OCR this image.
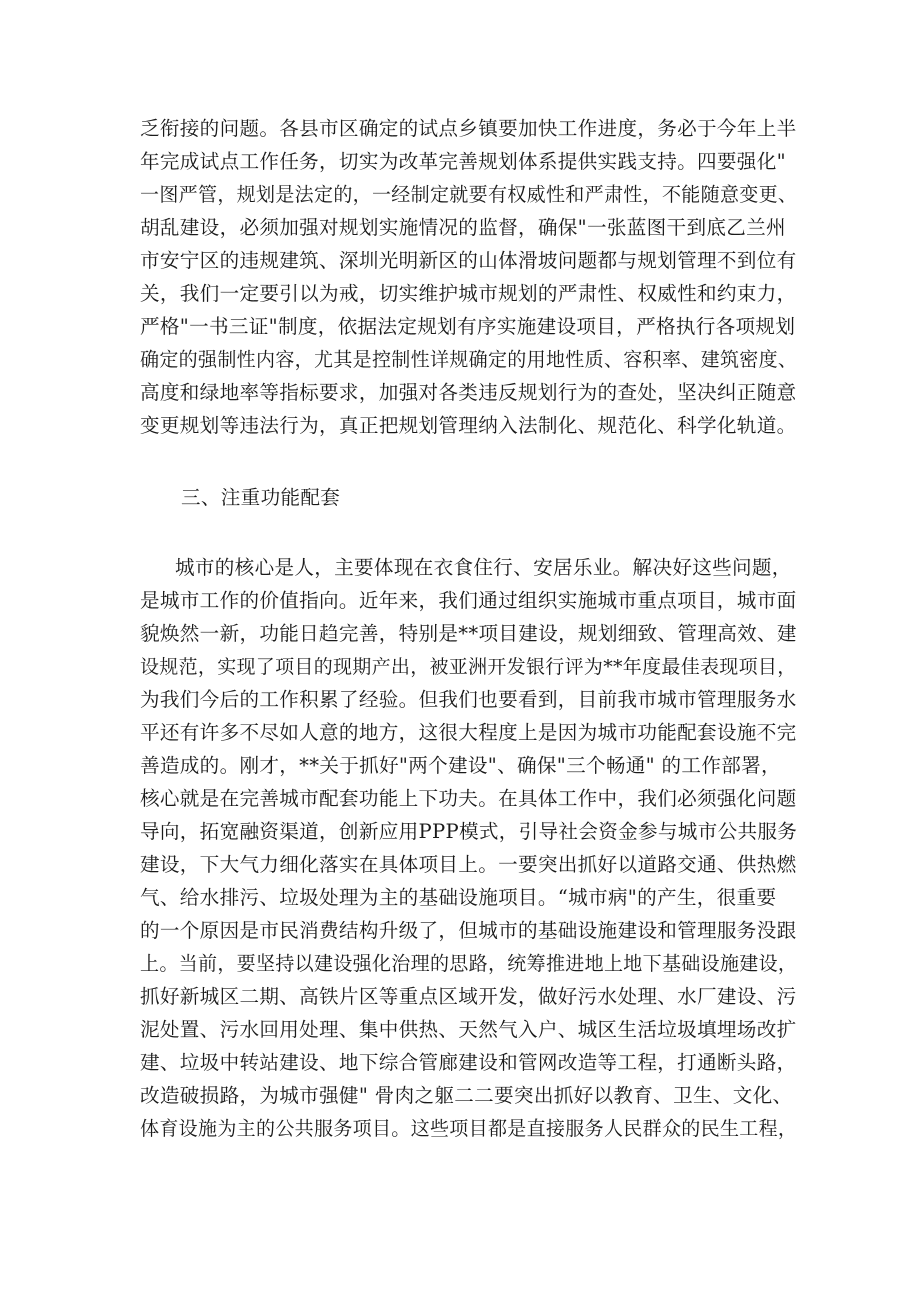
乏衔接的问题。各县市区确定的试点乡镇要加快工作进度，务必于今年上半
年完成试点工作任务，切实为改革完善规划体系提供实践支持。四要强化"
一图严管，规划是法定的，一经制定就要有权威性和严肃性，不能随意变更、
胡乱建设，必须加强对规划实施情况的监督，确保"一张蓝图干到底乙兰州
市安宁区的违规建筑、深圳光明新区的山体滑坡问题都与规划管理不到位有
关，我们一定要引以为戒，切实维护城市规划的严肃性、权威性和约束力，
严格"一书三证"制度，依据法定规划有序实施建设项目，严格执行各项规划
确定的强制性内容，尤其是控制性详规确定的用地性质、容积率、建筑密度、
高度和绿地率等指标要求，加强对各类违反规划行为的查处，坚决纠正随意
变更规划等违法行为，真正把规划管理纳入法制化、规范化、科学化轨道。
三、注重功能配套
城市的核心是人，主要体现在衣食住行、安居乐业。解决好这些问题，
是城市工作的价值指向。近年来，我们通过组织实施城市重点项目，城市面
貌焕然一新，功能日趋完善，特别是**项目建设，规划细致、管理高效、建
设规范，实现了项目的现期产出，被亚洲开发银行评为**年度最佳表现项目，
为我们今后的工作积累了经验。但我们也要看到，目前我市城市管理服务水
平还有许多不尽如人意的地方，这很大程度上是因为城市功能配套设施不完
善造成的。刚才，**关于抓好"两个建设"、确保"三个畅通" 的工作部署，
核心就是在完善城市配套功能上下功夫。在具体工作中，我们必须强化问题
导向，拓宽融资渠道，创新应用PPP模式，引导社会资金参与城市公共服务
建设，下大气力细化落实在具体项目上。一要突出抓好以道路交通、供热燃
气、给水排污、垃圾处理为主的基础设施项目。“城市病"的产生，很重要
的一个原因是市民消费结构升级了，但城市的基础设施建设和管理服务没跟
上。当前，要坚持以建设强化治理的思路，统筹推进地上地下基础设施建设，
抓好新城区二期、高铁片区等重点区域开发，做好污水处理、水厂建设、污
泥处置、污水回用处理、集中供热、天然气入户、城区生活垃圾填埋场改扩
建、垃圾中转站建设、地下综合管廊建设和管网改造等工程，打通断头路，
改造破损路，为城市强健" 骨肉之躯二二要突出抓好以教育、卫生、文化、
体育设施为主的公共服务项目。这些项目都是直接服务人民群众的民生工程，
